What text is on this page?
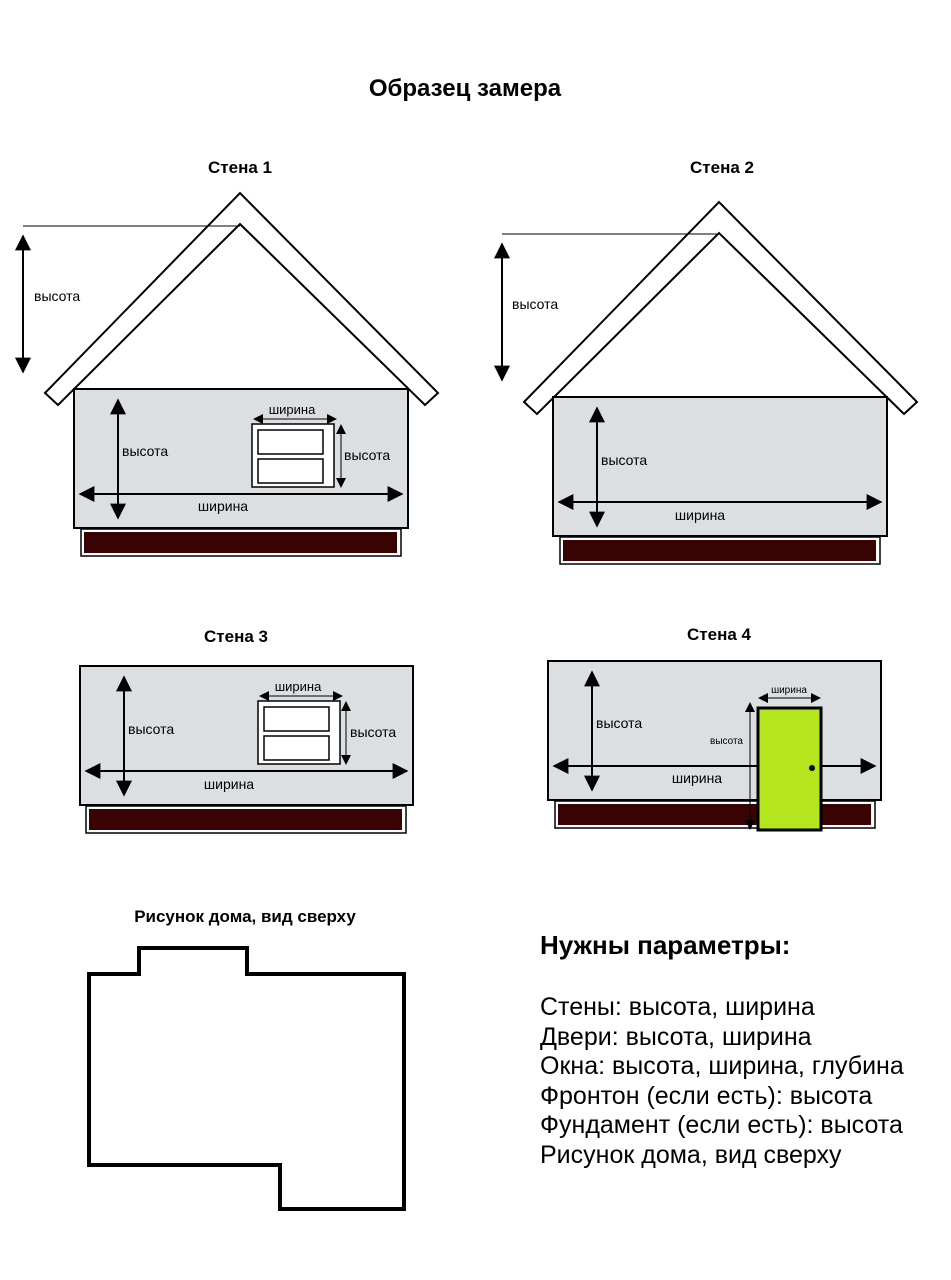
Образец замера
Стена 1
высота
высота
ширина
ширина
высота
Стена 2
высота
высота
ширина
Стена 3
высота
ширина
ширина
высота
Стена 4
высота
ширина
ширина
высота
Рисунок дома, вид сверху
Нужны параметры:
Стены: высота, ширина
Двери: высота, ширина
Окна: высота, ширина, глубина
Фронтон (если есть): высота
Фундамент (если есть): высота
Рисунок дома, вид сверху
